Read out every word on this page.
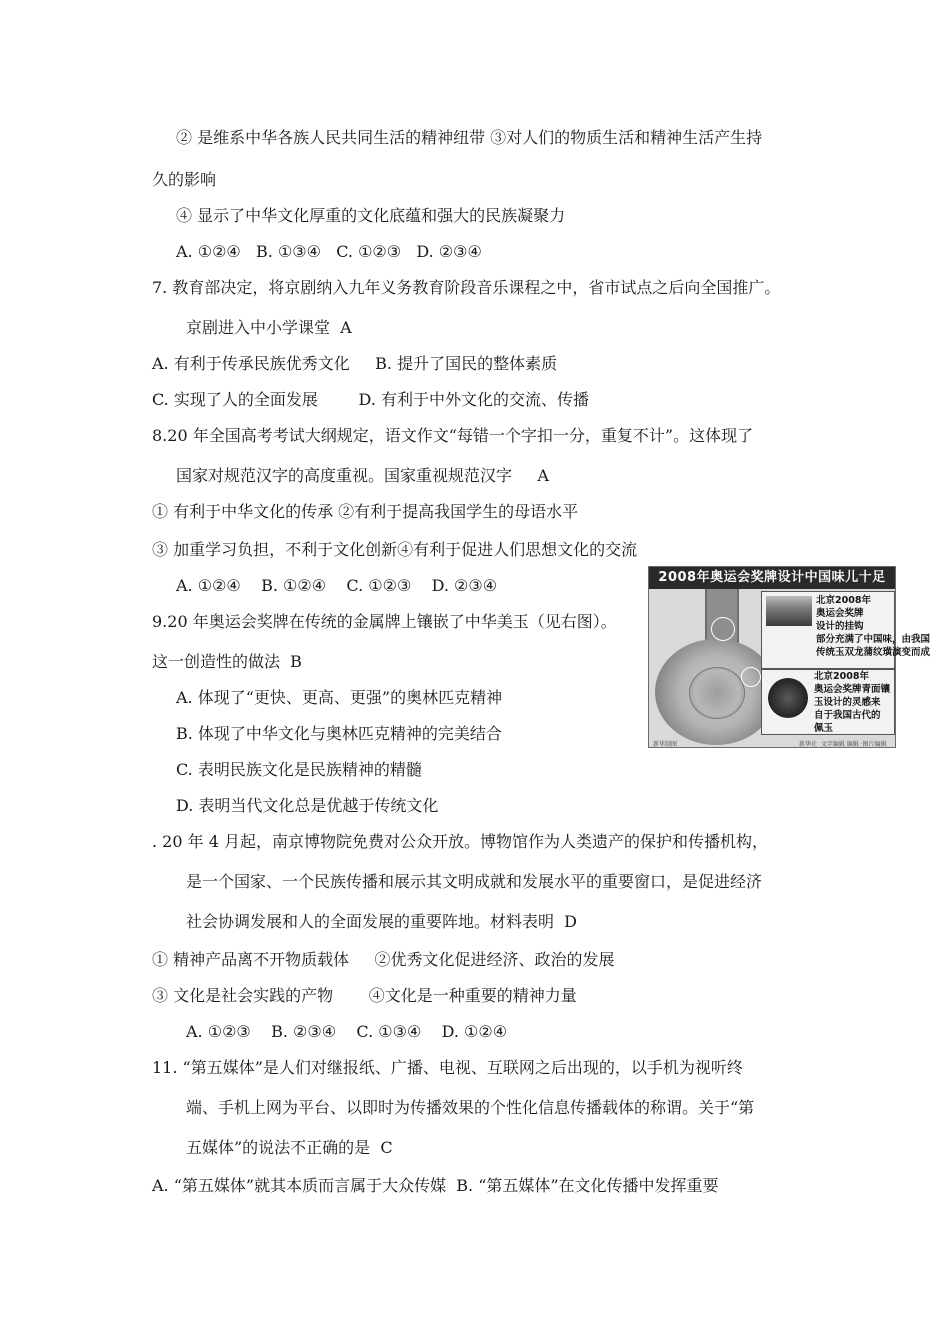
② 是维系中华各族人民共同生活的精神纽带 ③对人们的物质生活和精神生活产生持
久的影响
④ 显示了中华文化厚重的文化底蕴和强大的民族凝聚力
A. ①②④   B. ①③④   C. ①②③   D. ②③④
7. 教育部决定，将京剧纳入九年义务教育阶段音乐课程之中，省市试点之后向全国推广。
京剧进入中小学课堂  A
A. 有利于传承民族优秀文化     B. 提升了国民的整体素质
C. 实现了人的全面发展        D. 有利于中外文化的交流、传播
8.20 年全国高考考试大纲规定，语文作文“每错一个字扣一分，重复不计”。这体现了
国家对规范汉字的高度重视。国家重视规范汉字     A
① 有利于中华文化的传承 ②有利于提高我国学生的母语水平
③ 加重学习负担，不利于文化创新④有利于促进人们思想文化的交流
A. ①②④    B. ①②④    C. ①②③    D. ②③④
9.20 年奥运会奖牌在传统的金属牌上镶嵌了中华美玉（见右图）。
这一创造性的做法  B
A. 体现了“更快、更高、更强”的奥林匹克精神
B. 体现了中华文化与奥林匹克精神的完美结合
C. 表明民族文化是民族精神的精髓
D. 表明当代文化总是优越于传统文化
. 20 年 4 月起，南京博物院免费对公众开放。博物馆作为人类遗产的保护和传播机构，
是一个国家、一个民族传播和展示其文明成就和发展水平的重要窗口，是促进经济
社会协调发展和人的全面发展的重要阵地。材料表明  D
① 精神产品离不开物质载体     ②优秀文化促进经济、政治的发展
③ 文化是社会实践的产物       ④文化是一种重要的精神力量
A. ①②③    B. ②③④    C. ①③④    D. ①②④
11. “第五媒体”是人们对继报纸、广播、电视、互联网之后出现的，以手机为视听终
端、手机上网为平台、以即时为传播效果的个性化信息传播载体的称谓。关于“第
五媒体”的说法不正确的是  C
A. “第五媒体”就其本质而言属于大众传媒  B. “第五媒体”在文化传播中发挥重要
2008年奥运会奖牌设计中国味儿十足
北京2008年
奥运会奖牌
设计的挂钩
部分充满了中国味，由我国
传统玉双龙蒲纹璜演变而成
北京2008年
奥运会奖牌青面镶
玉设计的灵感来
自于我国古代的
佩玉
新华制图	新华社  文字编辑 编辑 ·图片编辑
